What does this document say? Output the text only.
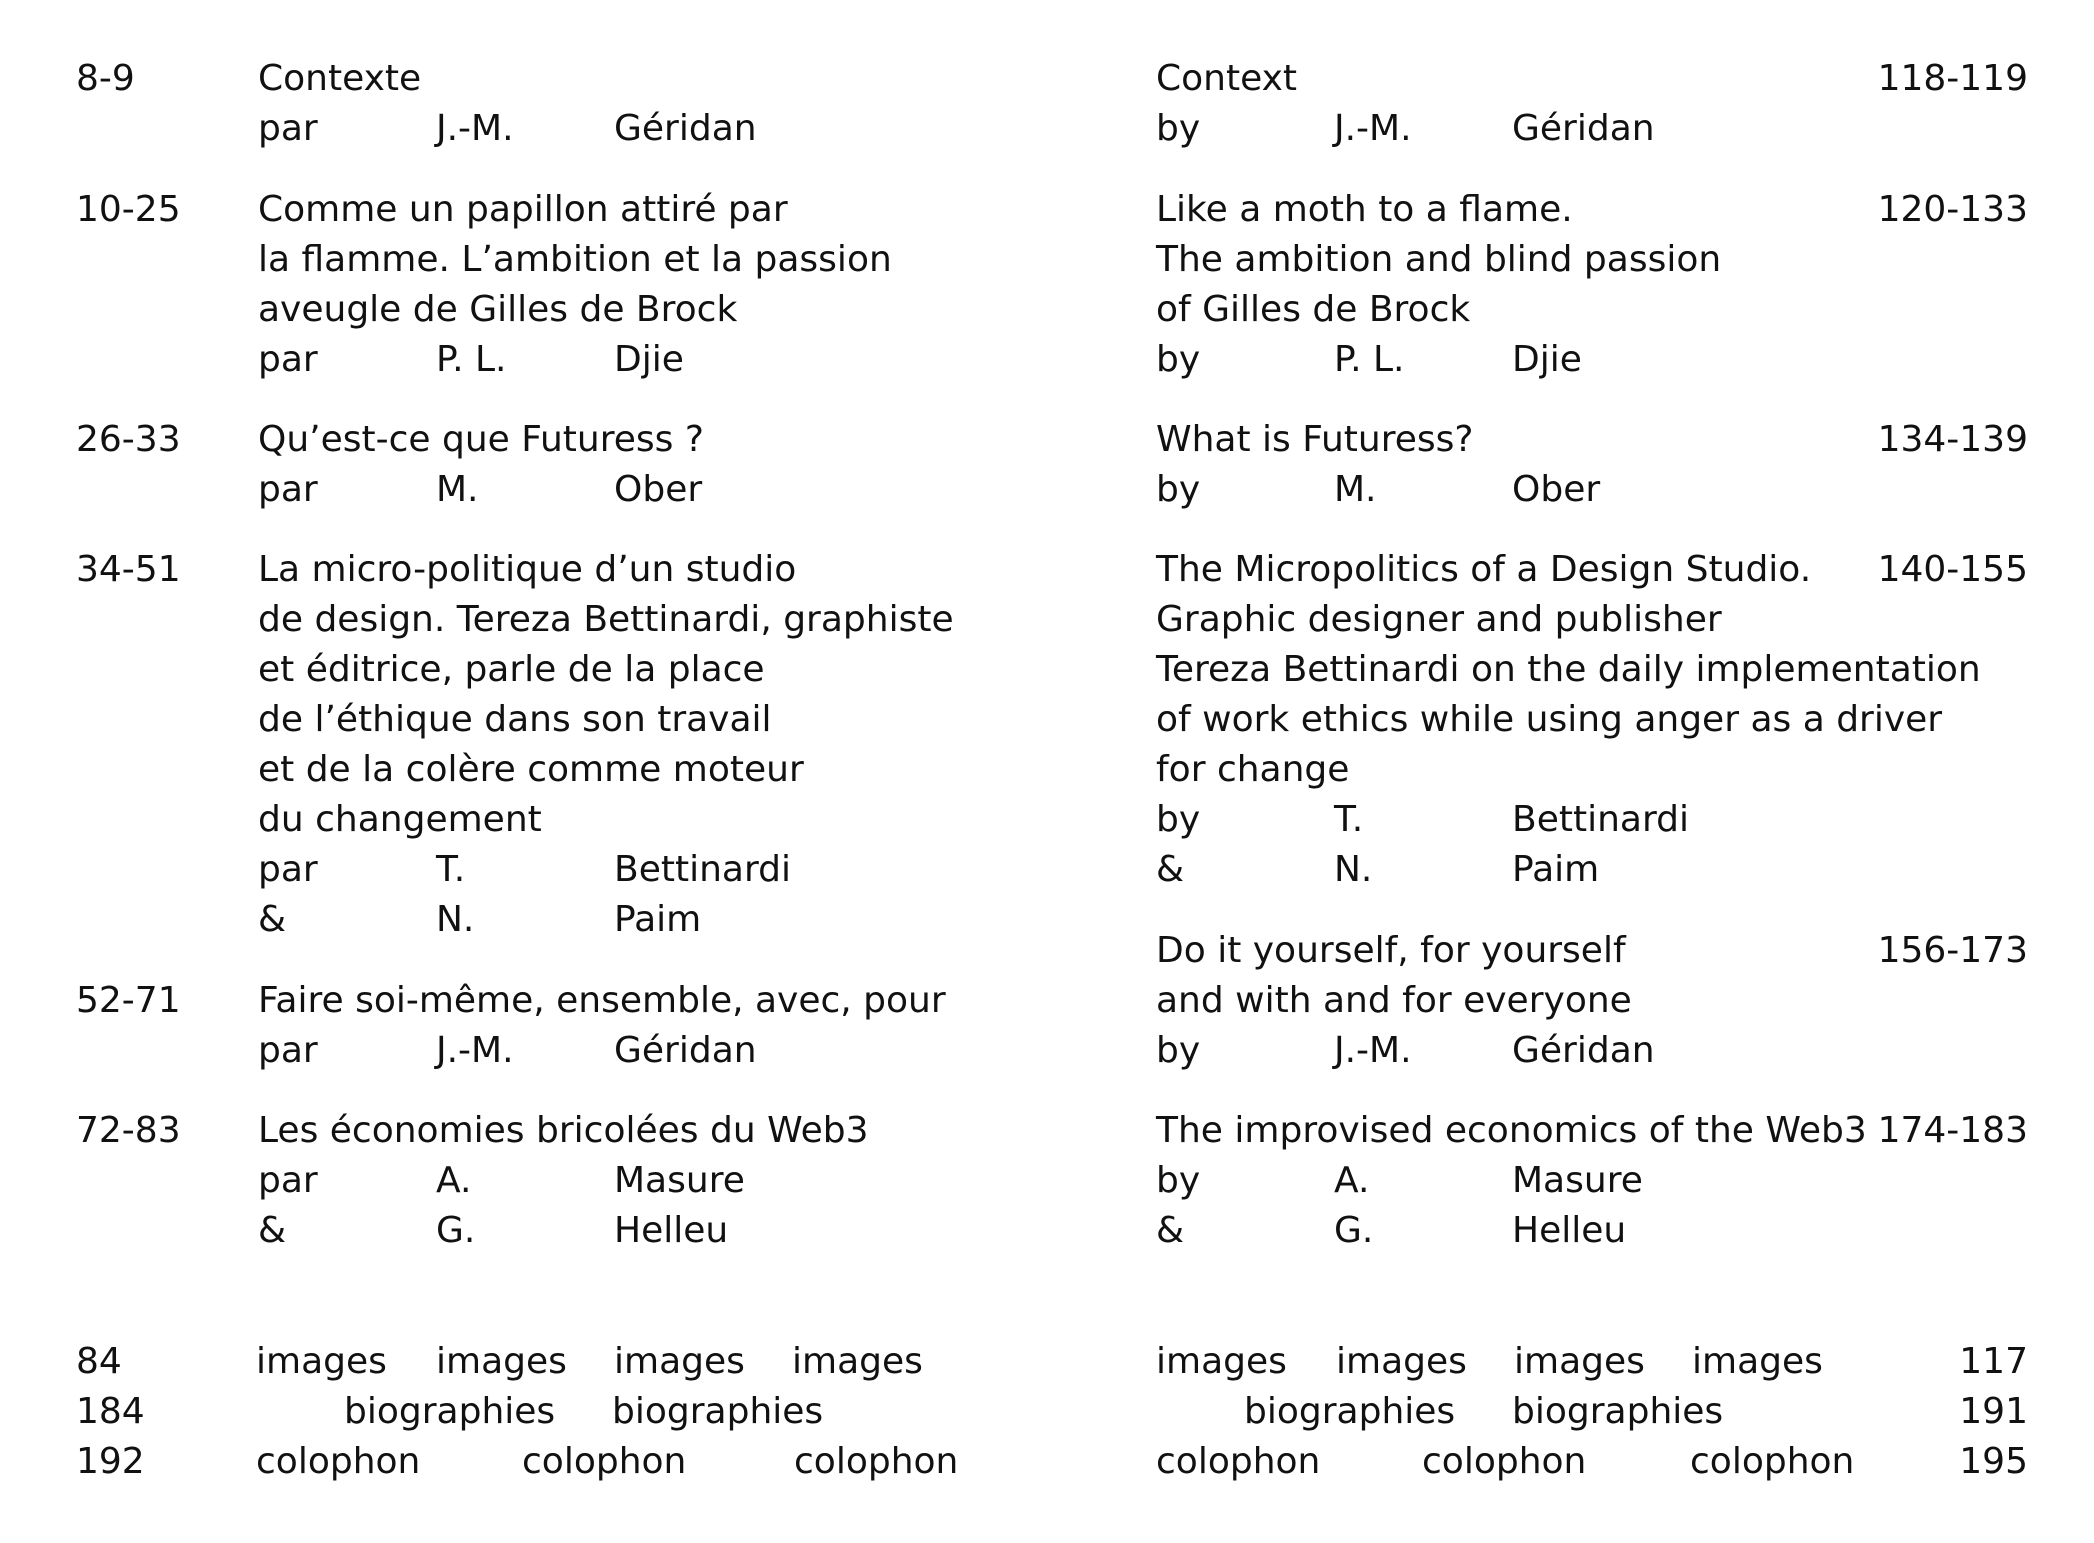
8-9	Contexte
par	J.-M.	Géridan
10-25 Comme un papillon attiré par
la flamme. L’ambition et la passion
aveugle de Gilles de Brock
par	P. L.	Djie
26-33 Qu’est-ce que Futuress ?
par	M.	Ober
34-51 La micro-politique d’un studio
de design. Tereza Bettinardi, graphiste
et éditrice, parle de la place
de l’éthique dans son travail
et de la colère comme moteur
du changement
par	T.	Bettinardi
&	N.	Paim
52-71 Faire soi-même, ensemble, avec, pour
par	J.-M.	Géridan
72-83 Les économies bricolées du Web3
par	A.	Masure
&	G.	Helleu
84	images images images images
184	biographies biographies
192	colophon	colophon	colophon
Context	118-119
by	J.-M.	Géridan
Like a moth to a flame.	120-133
The ambition and blind passion
of Gilles de Brock
by	P. L.	Djie
What is Futuress?	134-139
by	M.	Ober
The Micropolitics of a Design Studio. 140-155
Graphic designer and publisher
Tereza Bettinardi on the daily implementation
of work ethics while using anger as a driver
for change
by	T.	Bettinardi
&	N.	Paim
Do it yourself, for yourself	156-173
and with and for everyone
by	J.-M.	Géridan
The improvised economics of the Web3 174-183
by	A.	Masure
&	G.	Helleu
images images images images	117
biographies biographies	191
colophon	colophon	colophon	195
